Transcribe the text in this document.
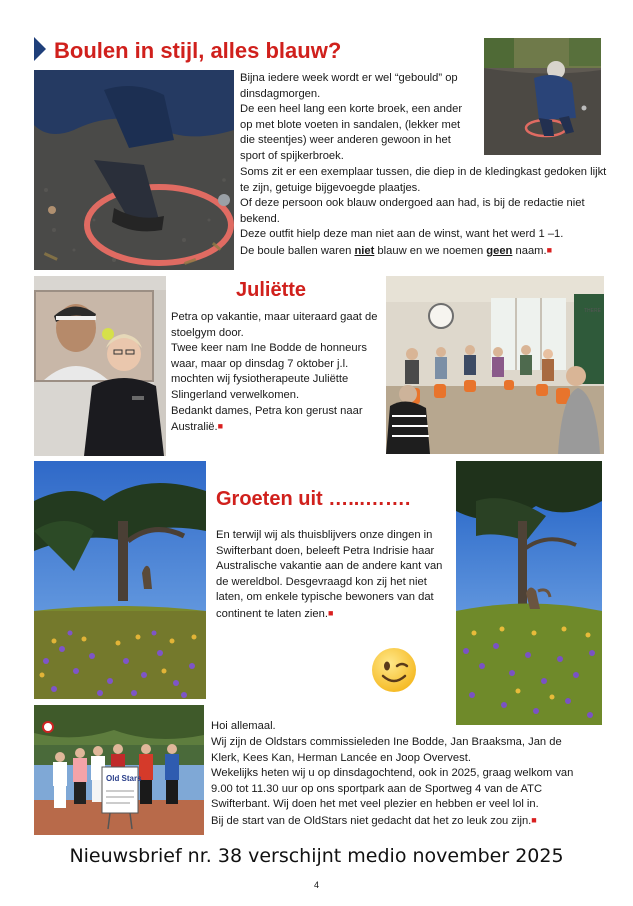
Boulen in stijl, alles blauw?

Bijna iedere week wordt er wel “gebould” op dinsdagmorgen.

De een heel lang een korte broek, een ander op met blote voeten in sandalen, (lekker met die steentjes) weer anderen gewoon in het sport of spijkerbroek.

Soms zit er een exemplaar tussen, die diep in de kledingkast gedoken lijkt te zijn, getuige bijgevoegde plaatjes.

Of deze persoon ook blauw ondergoed aan had, is bij de redactie niet bekend.

Deze outfit hielp deze man niet aan de winst, want het werd 1 –1.

De boule ballen waren niet blauw en we noemen geen naam.■

Juliëtte

Petra op vakantie, maar uiteraard gaat de stoelgym door.

Twee keer nam Ine Bodde de honneurs waar, maar op dinsdag 7 oktober j.l. mochten wij fysiotherapeute Juliëtte Slingerland verwelkomen.

Bedankt dames, Petra kon gerust naar Australië.■

THERE
Groeten uit …...…….

En terwijl wij als thuisblijvers onze dingen in Swifterbant doen, beleeft Petra Indrisie haar Australische vakantie aan de andere kant van de wereldbol. Desgevraagd kon zij het niet laten, om enkele typische bewoners van dat continent te laten zien.■

Old Stars

Hoi allemaal.

Wij zijn de Oldstars commissieleden Ine Bodde, Jan Braaksma, Jan de Klerk, Kees Kan, Herman Lancée en Joop Overvest.

Wekelijks heten wij u op dinsdagochtend, ook in 2025, graag welkom van 9.00 tot 11.30 uur op ons sportpark aan de Sportweg 4 van de ATC Swifterbant. Wij doen het met veel plezier en hebben er veel lol in.

Bij de start van de OldStars niet gedacht dat het zo leuk zou zijn.■

Nieuwsbrief nr. 38 verschijnt medio november 2025
4
